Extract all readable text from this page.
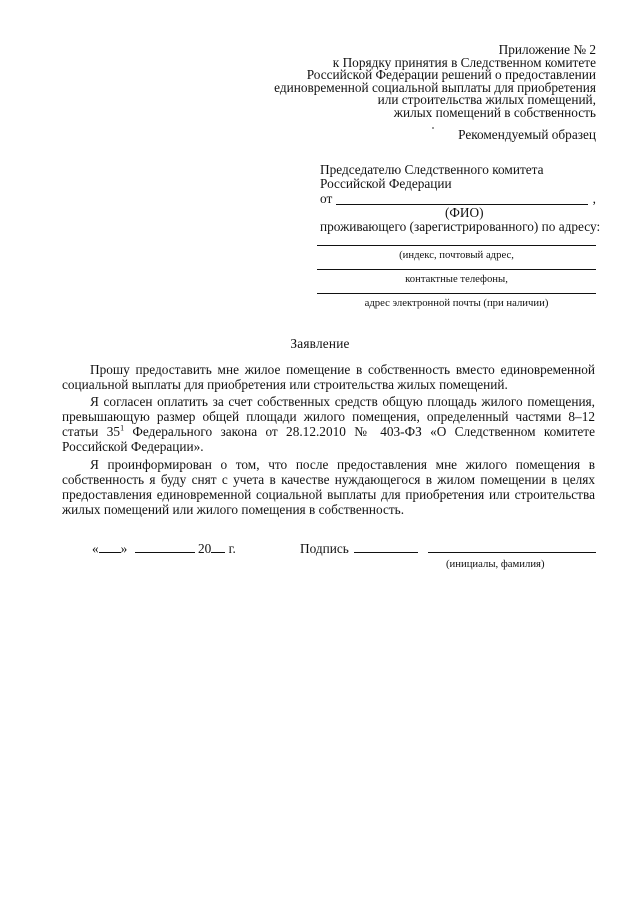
Приложение № 2
к Порядку принятия в Следственном комитете
Российской Федерации решений о предоставлении
единовременной социальной выплаты для приобретения
или строительства жилых помещений,
жилых помещений в собственность
Рекомендуемый образец
Председателю Следственного комитета
Российской Федерации
от	,
(ФИО)
проживающего (зарегистрированного) по адресу:
(индекс, почтовый адрес,
контактные телефоны,
адрес электронной почты (при наличии)
Заявление

Прошу предоставить мне жилое помещение в собственность вместо единовременной социальной выплаты для приобретения или строительства жилых помещений.

Я согласен оплатить за счет собственных средств общую площадь жилого помещения, превышающую размер общей площади жилого помещения, определенный частями 8–12 статьи $35^1$ Федерального закона от 28.12.2010 № 403-ФЗ «О Следственном комитете Российской Федерации».

Я проинформирован о том, что после предоставления мне жилого помещения в собственность я буду снят с учета в качестве нуждающегося в жилом помещении в целях предоставления единовременной социальной выплаты для приобретения или строительства жилых помещений или жилого помещения в собственность.

« »	20 г.	Подпись
(инициалы, фамилия)
